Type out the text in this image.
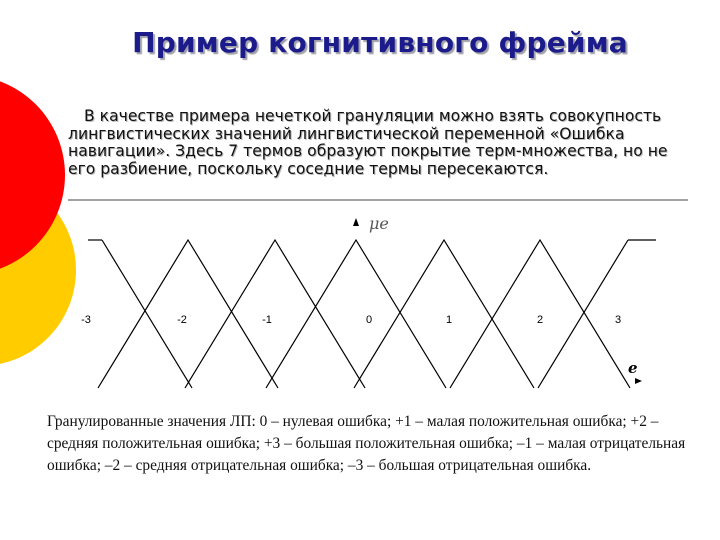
Пример когнитивного фрейма
В качестве примера нечеткой грануляции можно взять совокупность лингвистических значений лингвистической переменной «Ошибка навигации». Здесь 7 термов образуют покрытие терм-множества, но не его разбиение, поскольку соседние термы пересекаются.
μe
-3	-2	-1	0	1	2	3
e
Гранулированные значения ЛП: 0 – нулевая ошибка; +1 – малая положительная ошибка; +2 – средняя положительная ошибка; +3 – большая положительная ошибка; –1 – малая отрицательная ошибка; –2 – средняя отрицательная ошибка; –3 – большая отрицательная ошибка.
